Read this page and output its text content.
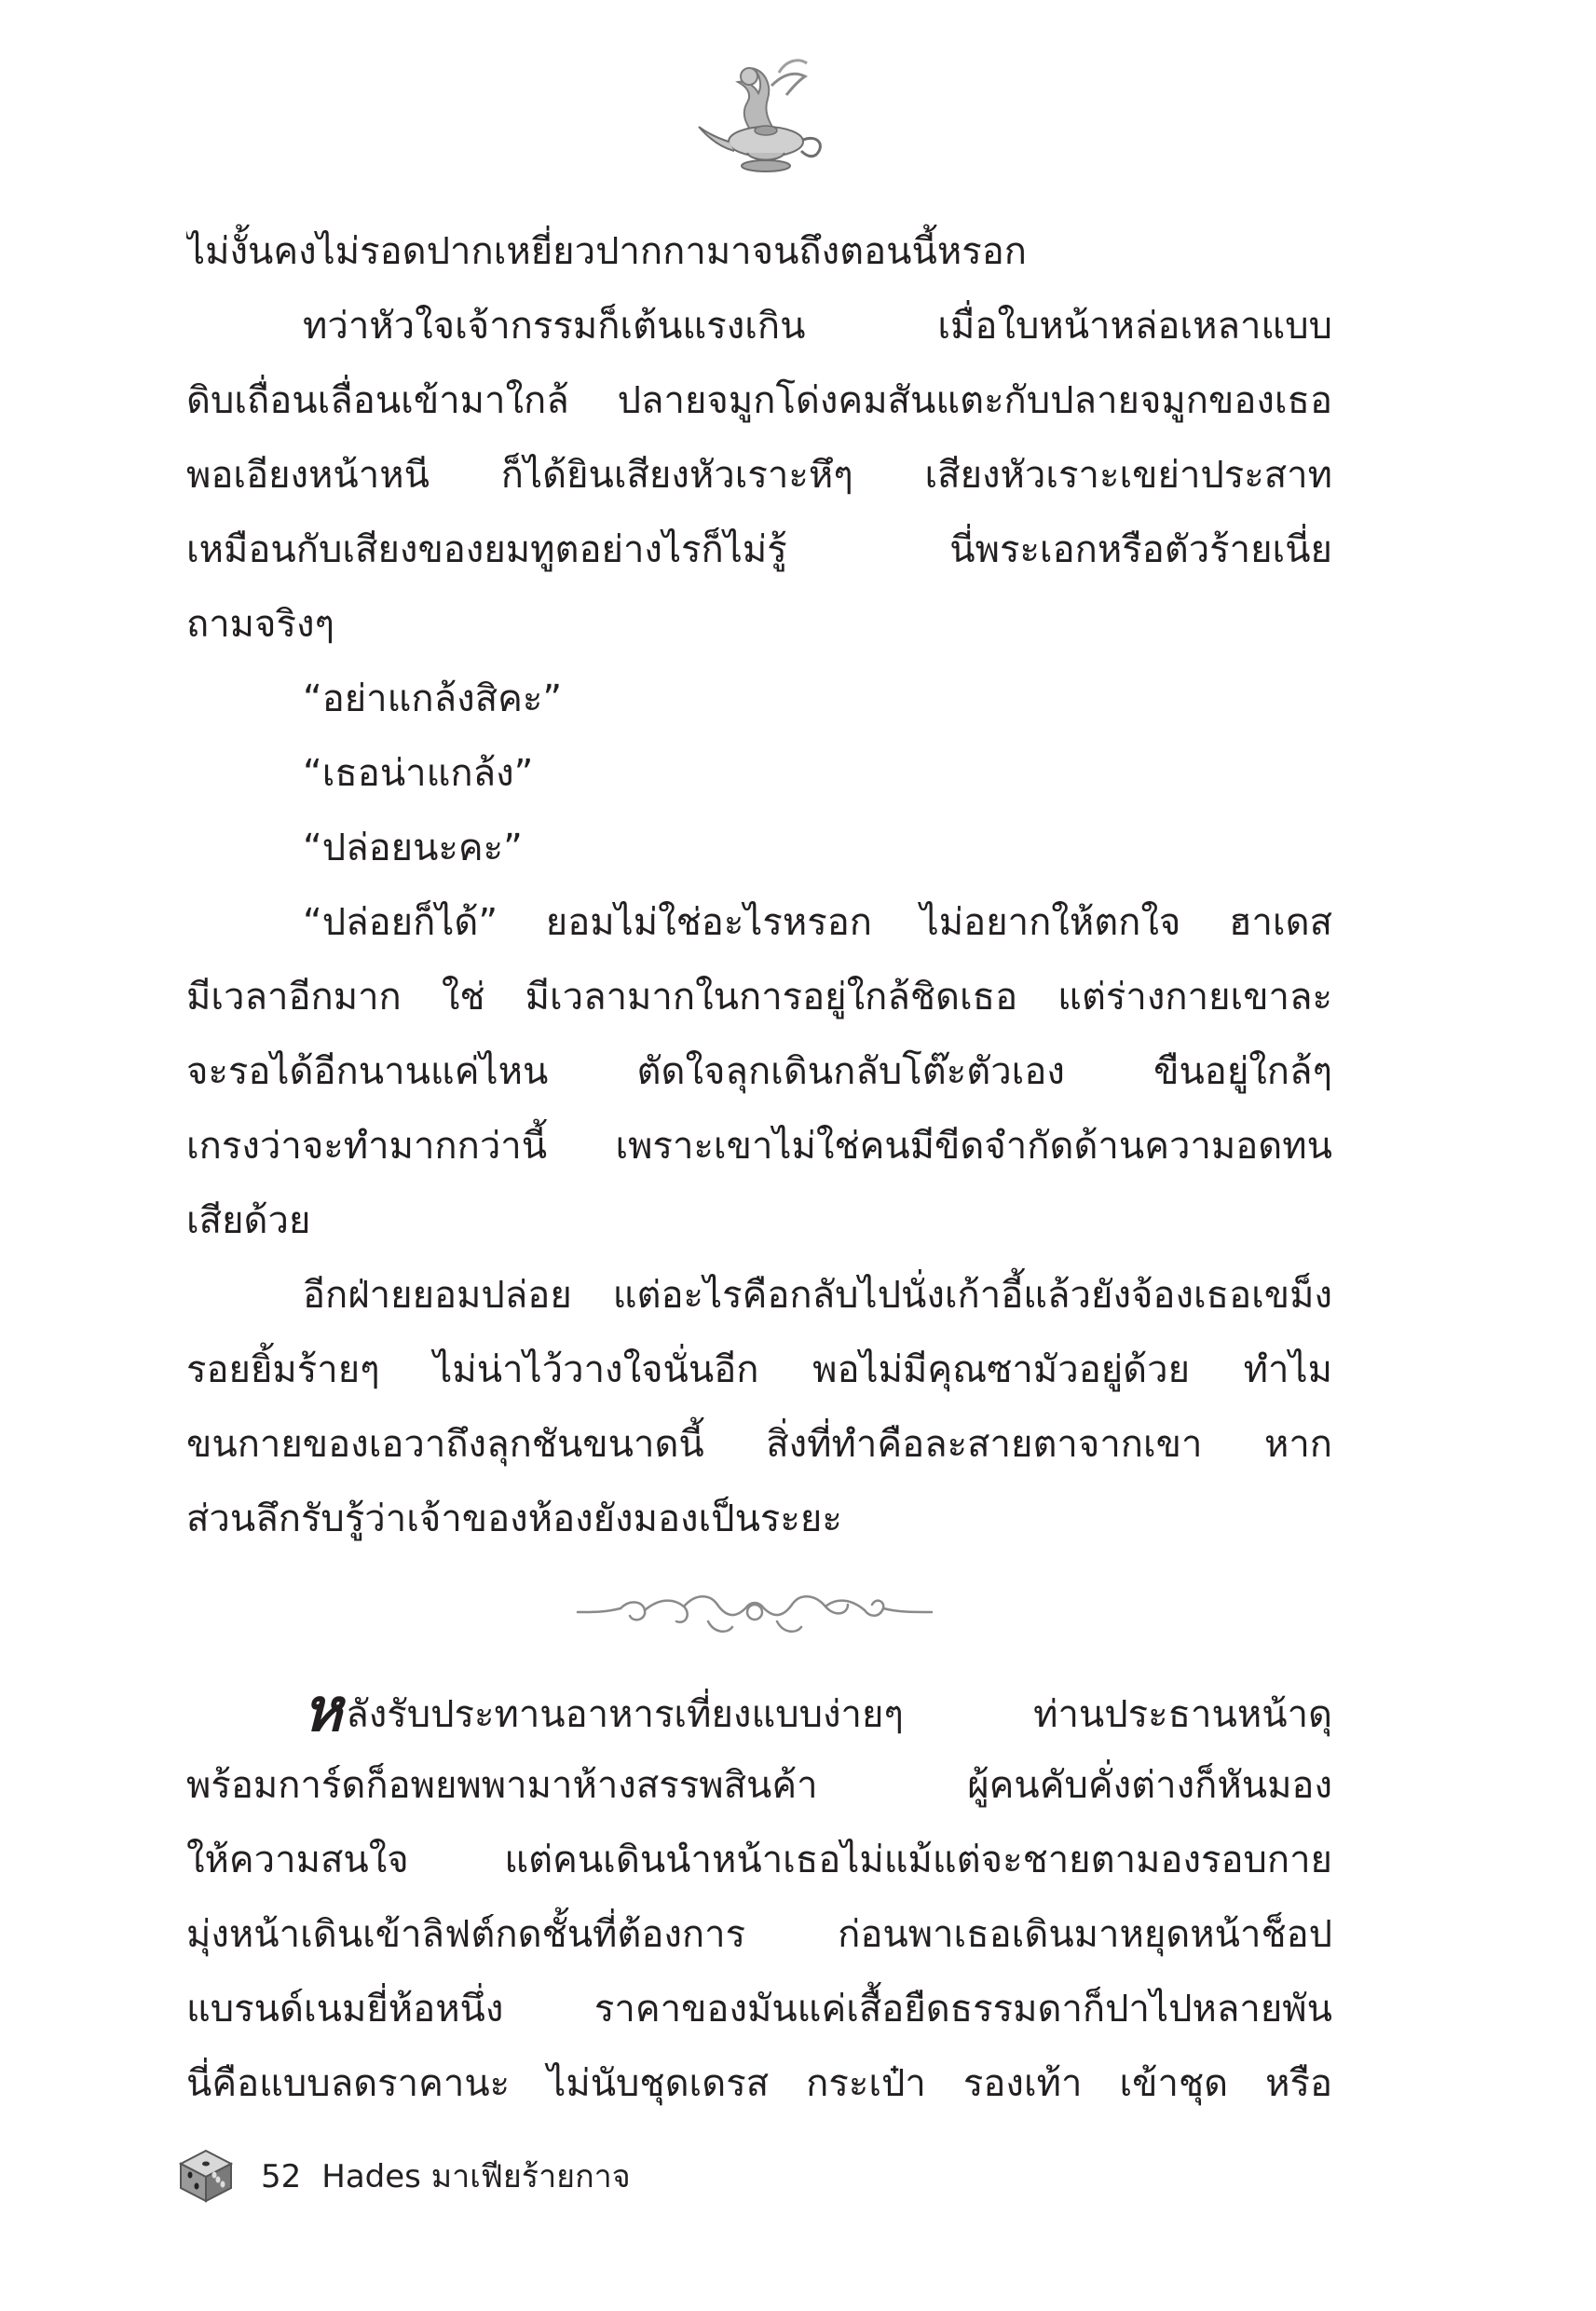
ไม่งั้นคงไม่รอดปากเหยี่ยวปากกามาจนถึงตอนนี้หรอก
ทว่าหัวใจเจ้ากรรมก็เต้นแรงเกิน เมื่อใบหน้าหล่อเหลาแบบ
ดิบเถื่อนเลื่อนเข้ามาใกล้ ปลายจมูกโด่งคมสันแตะกับปลายจมูกของเธอ
พอเอียงหน้าหนี ก็ได้ยินเสียงหัวเราะหึๆ เสียงหัวเราะเขย่าประสาท
เหมือนกับเสียงของยมทูตอย่างไรก็ไม่รู้ นี่พระเอกหรือตัวร้ายเนี่ย
ถามจริงๆ
“อย่าแกล้งสิคะ”
“เธอน่าแกล้ง”
“ปล่อยนะคะ”
“ปล่อยก็ได้” ยอมไม่ใช่อะไรหรอก ไม่อยากให้ตกใจ ฮาเดส
มีเวลาอีกมาก ใช่ มีเวลามากในการอยู่ใกล้ชิดเธอ แต่ร่างกายเขาละ
จะรอได้อีกนานแค่ไหน ตัดใจลุกเดินกลับโต๊ะตัวเอง ขืนอยู่ใกล้ๆ
เกรงว่าจะทำมากกว่านี้ เพราะเขาไม่ใช่คนมีขีดจำกัดด้านความอดทน
เสียด้วย
อีกฝ่ายยอมปล่อย แต่อะไรคือกลับไปนั่งเก้าอี้แล้วยังจ้องเธอเขม็ง
รอยยิ้มร้ายๆ ไม่น่าไว้วางใจนั่นอีก พอไม่มีคุณซามัวอยู่ด้วย ทำไม
ขนกายของเอวาถึงลุกชันขนาดนี้ สิ่งที่ทำคือละสายตาจากเขา หาก
ส่วนลึกรับรู้ว่าเจ้าของห้องยังมองเป็นระยะ
หลังรับประทานอาหารเที่ยงแบบง่ายๆ ท่านประธานหน้าดุ
พร้อมการ์ดก็อพยพพามาห้างสรรพสินค้า ผู้คนคับคั่งต่างก็หันมอง
ให้ความสนใจ แต่คนเดินนำหน้าเธอไม่แม้แต่จะชายตามองรอบกาย
มุ่งหน้าเดินเข้าลิฟต์กดชั้นที่ต้องการ ก่อนพาเธอเดินมาหยุดหน้าช็อป
แบรนด์เนมยี่ห้อหนึ่ง ราคาของมันแค่เสื้อยืดธรรมดาก็ปาไปหลายพัน
นี่คือแบบลดราคานะ ไม่นับชุดเดรส กระเป๋า รองเท้า เข้าชุด หรือ
52 Hades มาเฟียร้ายกาจ
